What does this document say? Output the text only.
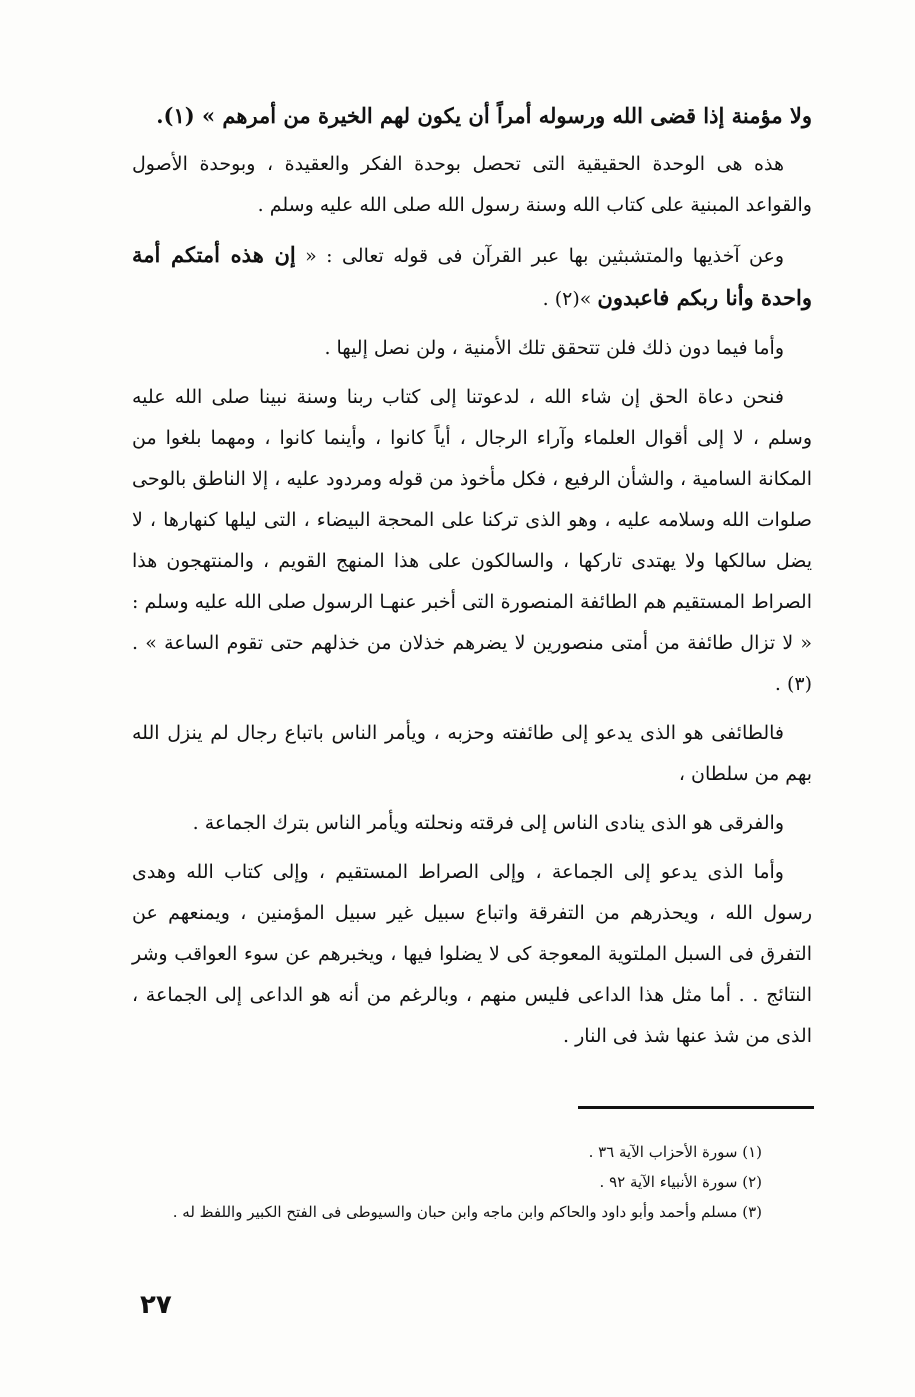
ولا مؤمنة إذا قضى الله ورسوله أمراً أن يكون لهم الخيرة من أمرهم » (١).

هذه هى الوحدة الحقيقية التى تحصل بوحدة الفكر والعقيدة ، وبوحدة الأصول والقواعد المبنية على كتاب الله وسنة رسول الله صلى الله عليه وسلم .

وعن آخذيها والمتشبثين بها عبر القرآن فى قوله تعالى : « إن هذه أمتكم أمة واحدة وأنا ربكم فاعبدون »(٢) .

وأما فيما دون ذلك فلن تتحقق تلك الأمنية ، ولن نصل إليها .

فنحن دعاة الحق إن شاء الله ، لدعوتنا إلى كتاب ربنا وسنة نبينا صلى الله عليه وسلم ، لا إلى أقوال العلماء وآراء الرجال ، أياً كانوا ، وأينما كانوا ، ومهما بلغوا من المكانة السامية ، والشأن الرفيع ، فكل مأخوذ من قوله ومردود عليه ، إلا الناطق بالوحى صلوات الله وسلامه عليه ، وهو الذى تركنا على المحجة البيضاء ، التى ليلها كنهارها ، لا يضل سالكها ولا يهتدى تاركها ، والسالكون على هذا المنهج القويم ، والمنتهجون هذا الصراط المستقيم هم الطائفة المنصورة التى أخبر عنهـا الرسول صلى الله عليه وسلم : « لا تزال طائفة من أمتى منصورين لا يضرهم خذلان من خذلهم حتى تقوم الساعة » .(٣) .

فالطائفى هو الذى يدعو إلى طائفته وحزبه ، ويأمر الناس باتباع رجال لم ينزل الله بهم من سلطان ،

والفرقى هو الذى ينادى الناس إلى فرقته ونحلته ويأمر الناس بترك الجماعة .

وأما الذى يدعو إلى الجماعة ، وإلى الصراط المستقيم ، وإلى كتاب الله وهدى رسول الله ، ويحذرهم من التفرقة واتباع سبيل غير سبيل المؤمنين ، ويمنعهم عن التفرق فى السبل الملتوية المعوجة كى لا يضلوا فيها ، ويخبرهم عن سوء العواقب وشر النتائج . . أما مثل هذا الداعى فليس منهم ، وبالرغم من أنه هو الداعى إلى الجماعة ، الذى من شذ عنها شذ فى النار .

(١) سورة الأحزاب الآية ٣٦ .

(٢) سورة الأنبياء الآية ٩٢ .

(٣) مسلم وأحمد وأبو داود والحاكم وابن ماجه وابن حبان والسيوطى فى الفتح الكبير واللفظ له .

٢٧
